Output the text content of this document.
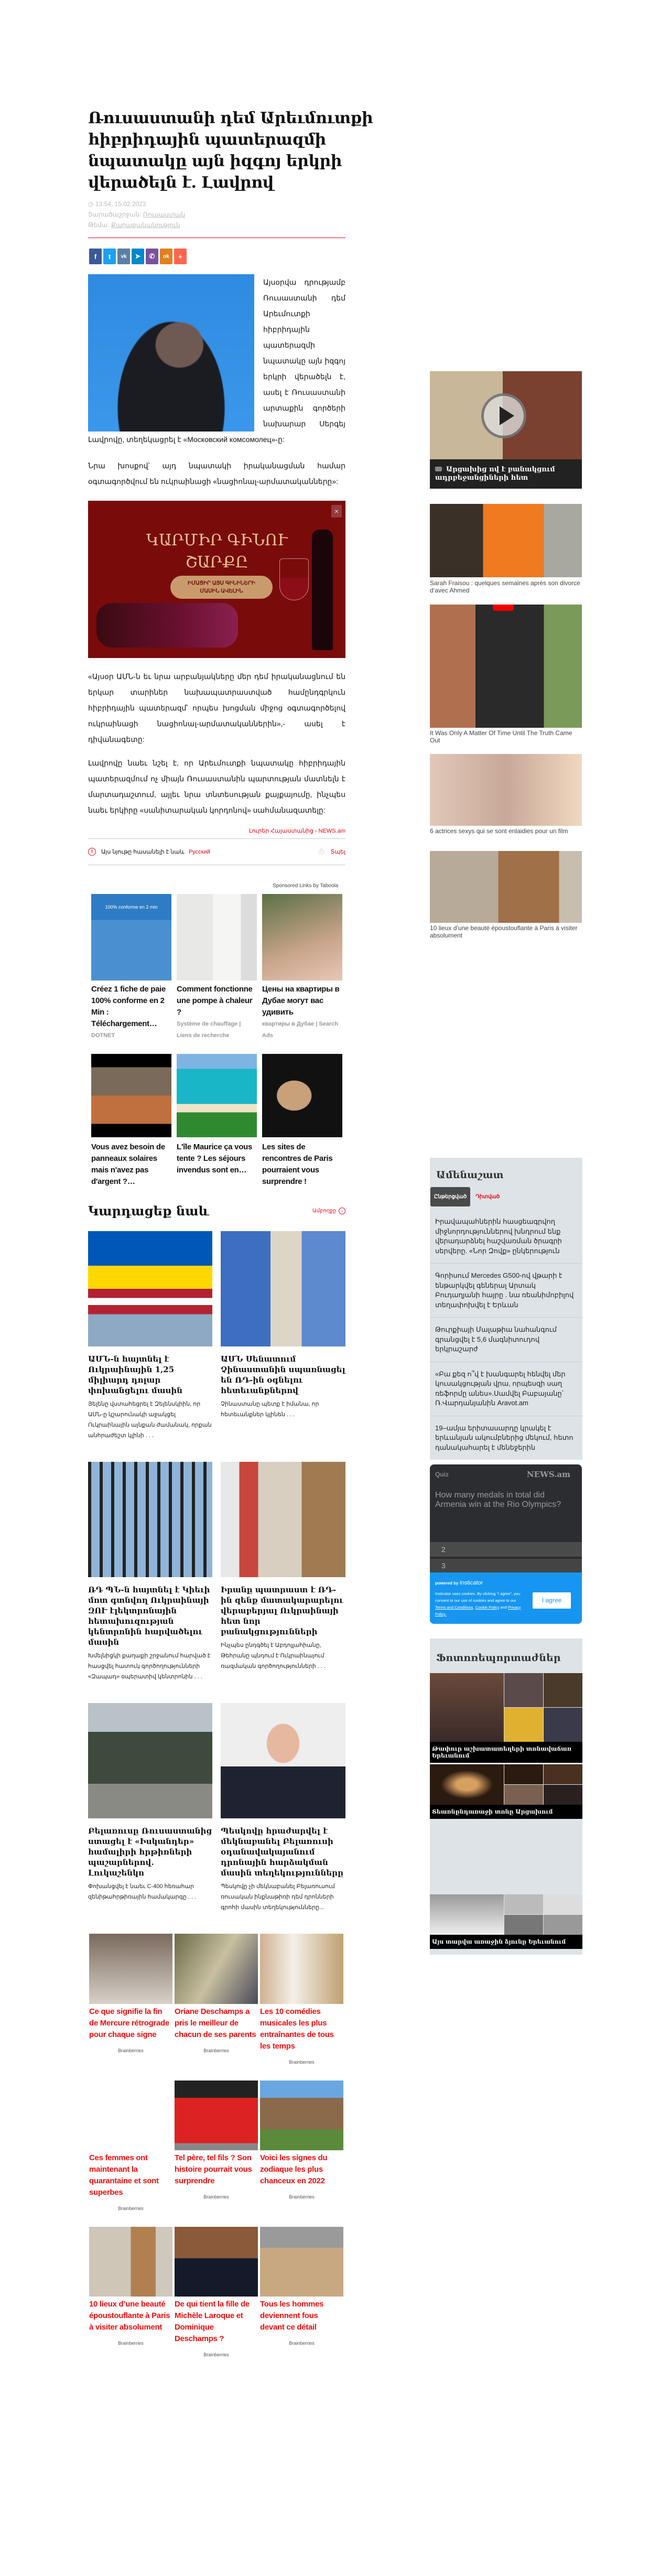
Ռուսաստանի դեմ Արեւմուտքի հիբրիդային պատերազմի նպատակը այն իզգոյ երկրի վերածելն է. Լավրով
◷ 13:54, 15.02.2023
Տարածաշրջան: Ռուսաստան
Թեմա: Քաղաքականություն
f	t	vk	➤	✆	ok	+

Այսօրվա դրությամբ Ռուսաստանի դեմ Արեւմուտքի հիբրիդային պատերազմի նպատակը այն իզգոյ երկրի վերածելն է, ասել է Ռուսաստանի արտաքին գործերի նախարար Սերգեյ Լավրովը, տեղեկացրել է «Московский комсомолец»-ը:

Նրա խոսքով՝ այդ նպատակի իրականացման համար օգտագործվում են ուկրաինացի «նացիոնալ-արմատականները»:

ԿԱՐՄԻՐ ԳԻՆՈՒ
ՇԱՐՔԸ
ԻՄԱՑԻՐ ԱՅՍ ԳԻՆԻՆԵՐԻ ՄԱՍԻՆ ԱՎԵԼԻՆ
×

«Այսօր ԱՄՆ-ն եւ նրա արբանյակները մեր դեմ իրականացնում են երկար տարիներ նախապատրաստված համընդգրկուն հիբրիդային պատերազմ՝ որպես խոցման միջոց օգտագործելով ուկրաինացի նացիոնալ-արմատականներին»,- ասել է դիվանագետը:

Լավրովը նաեւ նշել է, որ Արեւմուտքի նպատակը հիբրիդային պատերազմում ոչ միայն Ռուսաստանին պարտության մատնելն է մարտադաշտում, այլեւ նրա տնտեսության քայքայումը, ինչպես նաեւ երկիրը «սանիտարական կորդոնով» սահմանազատելը:

Լուրեր Հայաստանից - NEWS.am
!	Այս նյութը հասանելի է նաև Русский	⎙ Տպել
Sponsored Links by Taboola
100% conforme en 2 min
Créez 1 fiche de paie 100% conforme en 2 Min : Téléchargement…
DOTNET
Comment fonctionne une pompe à chaleur ?
Système de chauffage | Liens de recherche
Цены на квартиры в Дубае могут вас удивить
квартиры в Дубае | Search Ads
Vous avez besoin de panneaux solaires mais n'avez pas d'argent ?…
L'île Maurice ça vous tente ? Les séjours invendus sont en…
Les sites de rencontres de Paris pourraient vous surprendre !
Կարդացեք նաև	Ամբողջը	›
ԱՄՆ-ն հայտնել է Ուկրաինային 1,25 միլիարդ դոլար փոխանցելու մասին
Յելենը վստահեցրել է Զելենսկիին, որ ԱՄՆ-ը կշարունակի աջակցել Ուկրաինային այնքան ժամանակ, որքան անհրաժեշտ կլինի . . .
ԱՄՆ Սենատում Չինաստանին սպառնացել են ՌԴ-ին օգնելու հետեւանքներով
Չինաստանը պետք է իմանա, որ հետեւանքներ կլինեն . . .
ՌԴ ՊՆ-ն հայտնել է Կիեւի մոտ գտնվող Ուկրաինայի ԶՈՒ էլեկտրոնային հետախուզության կենտրոնին հարվածելու մասին
Խմելնիցկի քաղաքի շրջանում հարված է հասցվել հատուկ գործողությունների «Զապադ» օպերատիվ կենտրոնին . . .
Իրանը պատրաստ է ՌԴ-ին զենք մատակարարելու վերաբերյալ Ուկրաինայի հետ նոր բանակցությունների
Ինչպես ընդգծել է Աբդոլլահիանը, Թեհրանը պնդում է Ուկրաինայում ռազմական գործողությունների . . .
Բելառուսը Ռուսաստանից ստացել է «Իսկանդեր» համալիրի հրթիռների պաշարներով. Լուկաշենկո
Փոխանցվել է նաեւ C-400 հեռահար զենիթահրթիռային համակարգը . . .
Պեսկովը հրաժարվել է մեկնաբանել Բելառուսի օդանավակայանում դրոնային հարձակման մասին տեղեկությունները
Պեսկովը չի մեկնաբանել Բելառուսում ռուսական ինքնաթիռի դեմ դրոնների գրոհի մասին տեղեկությունները...
Ce que signifie la fin de Mercure rétrograde pour chaque signe
Brainberries
Oriane Deschamps a pris le meilleur de chacun de ses parents
Brainberries
Les 10 comédies musicales les plus entraînantes de tous les temps
Brainberries
Ces femmes ont maintenant la quarantaine et sont superbes
Brainberries
Tel père, tel fils ? Son histoire pourrait vous surprendre
Brainberries
Voici les signes du zodiaque les plus chanceux en 2022
Brainberries
10 lieux d’une beauté époustouflante à Paris à visiter absolument
Brainberries
De qui tient la fille de Michèle Laroque et Dominique Deschamps ?
Brainberries
Tous les hommes deviennent fous devant ce détail
Brainberries
Արցախից ով է բանակցում ադրբեջանցիների հետ
Sarah Fraisou : quelques semaines après son divorce d’avec Ahmed
It Was Only A Matter Of Time Until The Truth Came Out
6 actrices sexys qui se sont enlaidies pour un film
10 lieux d’une beauté époustouflante à Paris à visiter absolument
Ամենաշատ
Ընթերցված	Դիտված
Իրավապահներին հասցեագրվող միջնորդություններով խնդրում ենք վերադարձնել հաշվառման ծրագրի սերվերը. «Նոր Զովք» ընկերություն
Գորիսում Mercedes G500-ով վթարի է ենթարկվել գեներալ Արտակ Բուդաղյանի հայրը . նա ռեանիմոբիլով տեղափոխվել է Երևան
Թուրքիայի Մալաթիա նահանգում գրանցվել է 5,6 մագնիտուդով երկրաշարժ
«Բա քեզ ո՞վ է խանգարել հենվել մեր կուսակցության վրա, որպեսզի սաղ ռեֆորմը անես».Սամվել Բաբայանը՝ Ռ.Վարդանյանին Aravot.am
19–ամյա երիտասարդը կրակել է երևանյան ակումբներից մեկում, հետո դանակահարել է մենեջերին
Quiz	NEWS.am
How many medals in total did Armenia win at the Rio Olympics?
2
3
powered by Insticator
Insticator uses cookies. By clicking “I agree”, you consent to our use of cookies and agree to our Terms and Conditions, Cookie Policy and Privacy Policy.
I agree
Ֆոտոռեպորտաժներ
Թափուր աշխատատեղերի տոնավաճառ Երեւանում
Տեառնընդառաջի տոնը Արցախում
Այս տարվա առաջին ձյունը Երեւանում
